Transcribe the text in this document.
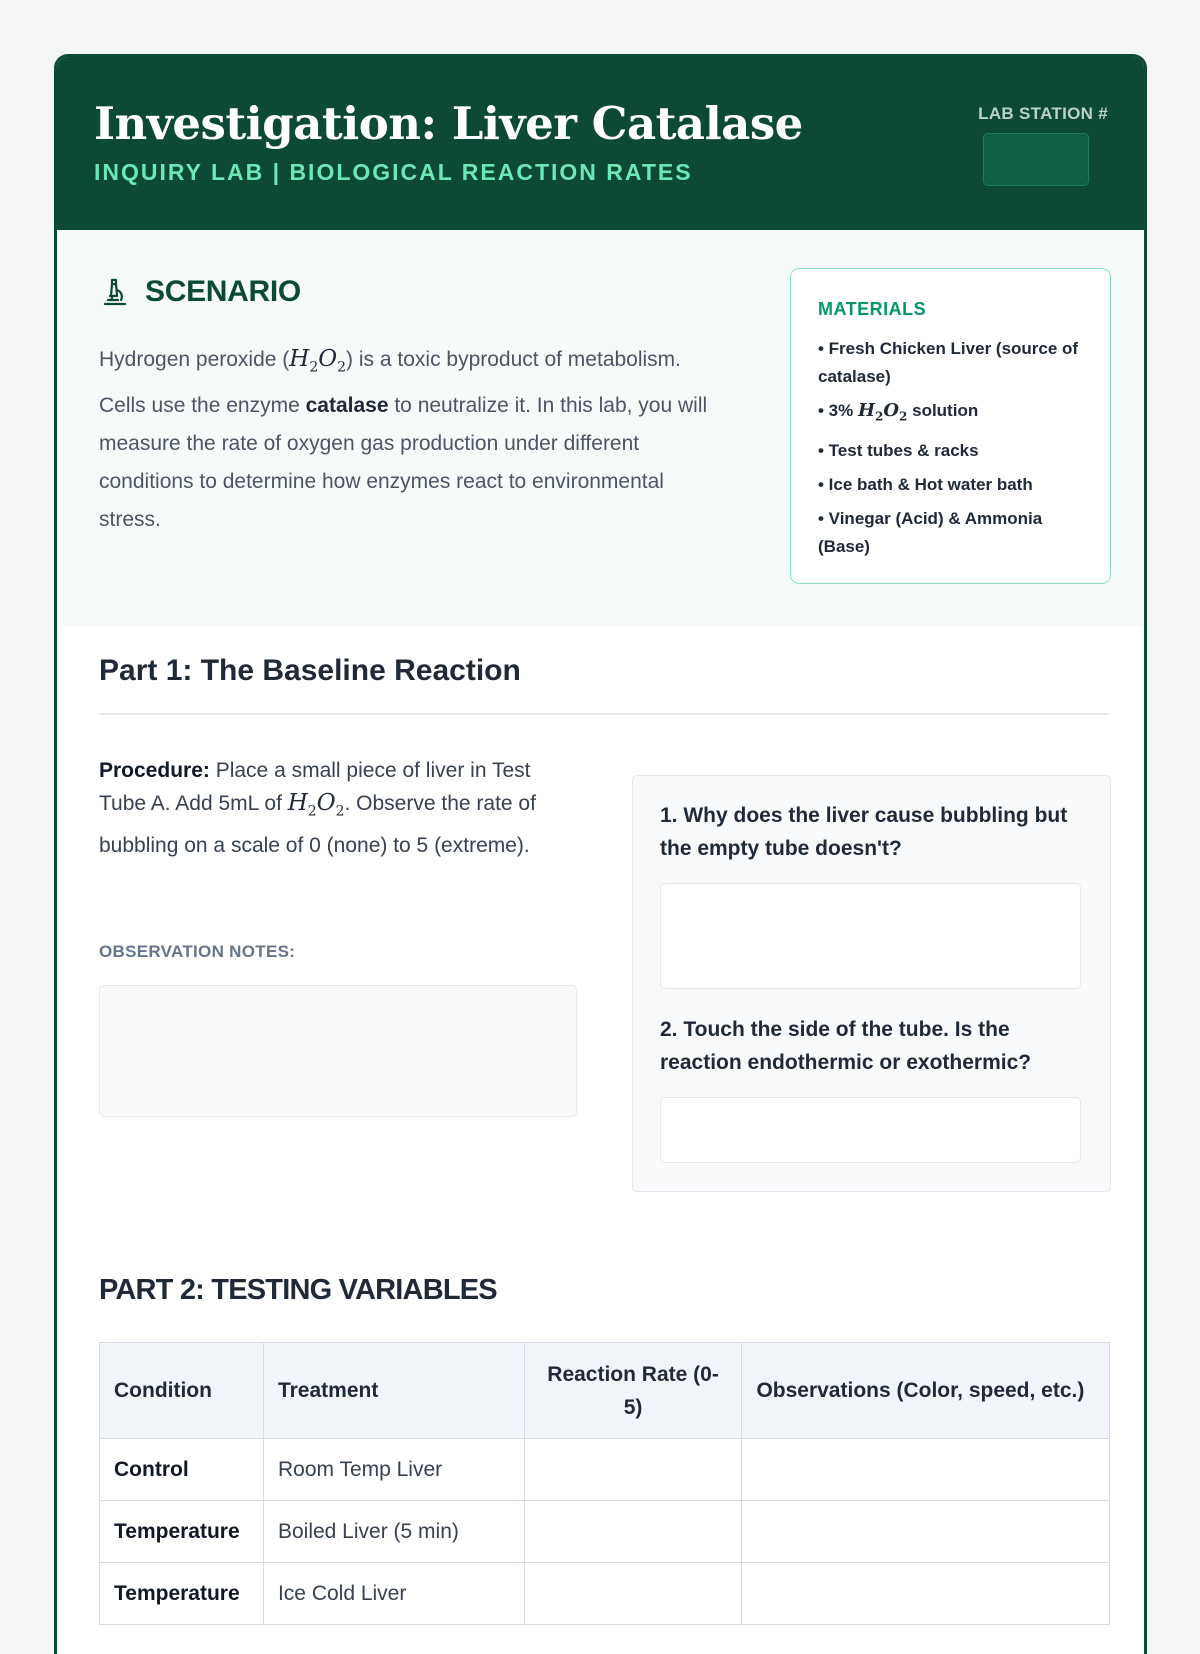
Investigation: Liver Catalase
INQUIRY LAB | BIOLOGICAL REACTION RATES
LAB STATION #
SCENARIO

Hydrogen peroxide $(H_2O_2)$ is a toxic byproduct of metabolism. Cells use the enzyme catalase to neutralize it. In this lab, you will measure the rate of oxygen gas production under different conditions to determine how enzymes react to environmental stress.

MATERIALS
• Fresh Chicken Liver (source of catalase)
• 3% $H_2O_2$ solution
• Test tubes & racks
• Ice bath & Hot water bath
• Vinegar (Acid) & Ammonia (Base)
Part 1: The Baseline Reaction

Procedure: Place a small piece of liver in Test Tube A. Add 5mL of $H_2O_2$. Observe the rate of bubbling on a scale of 0 (none) to 5 (extreme).

OBSERVATION NOTES:
1. Why does the liver cause bubbling but the empty tube doesn't?
2. Touch the side of the tube. Is the reaction endothermic or exothermic?
PART 2: TESTING VARIABLES
Condition	Treatment	Reaction Rate (0-5)	Observations (Color, speed, etc.)
Control	Room Temp Liver		
Temperature	Boiled Liver (5 min)		
Temperature	Ice Cold Liver		
